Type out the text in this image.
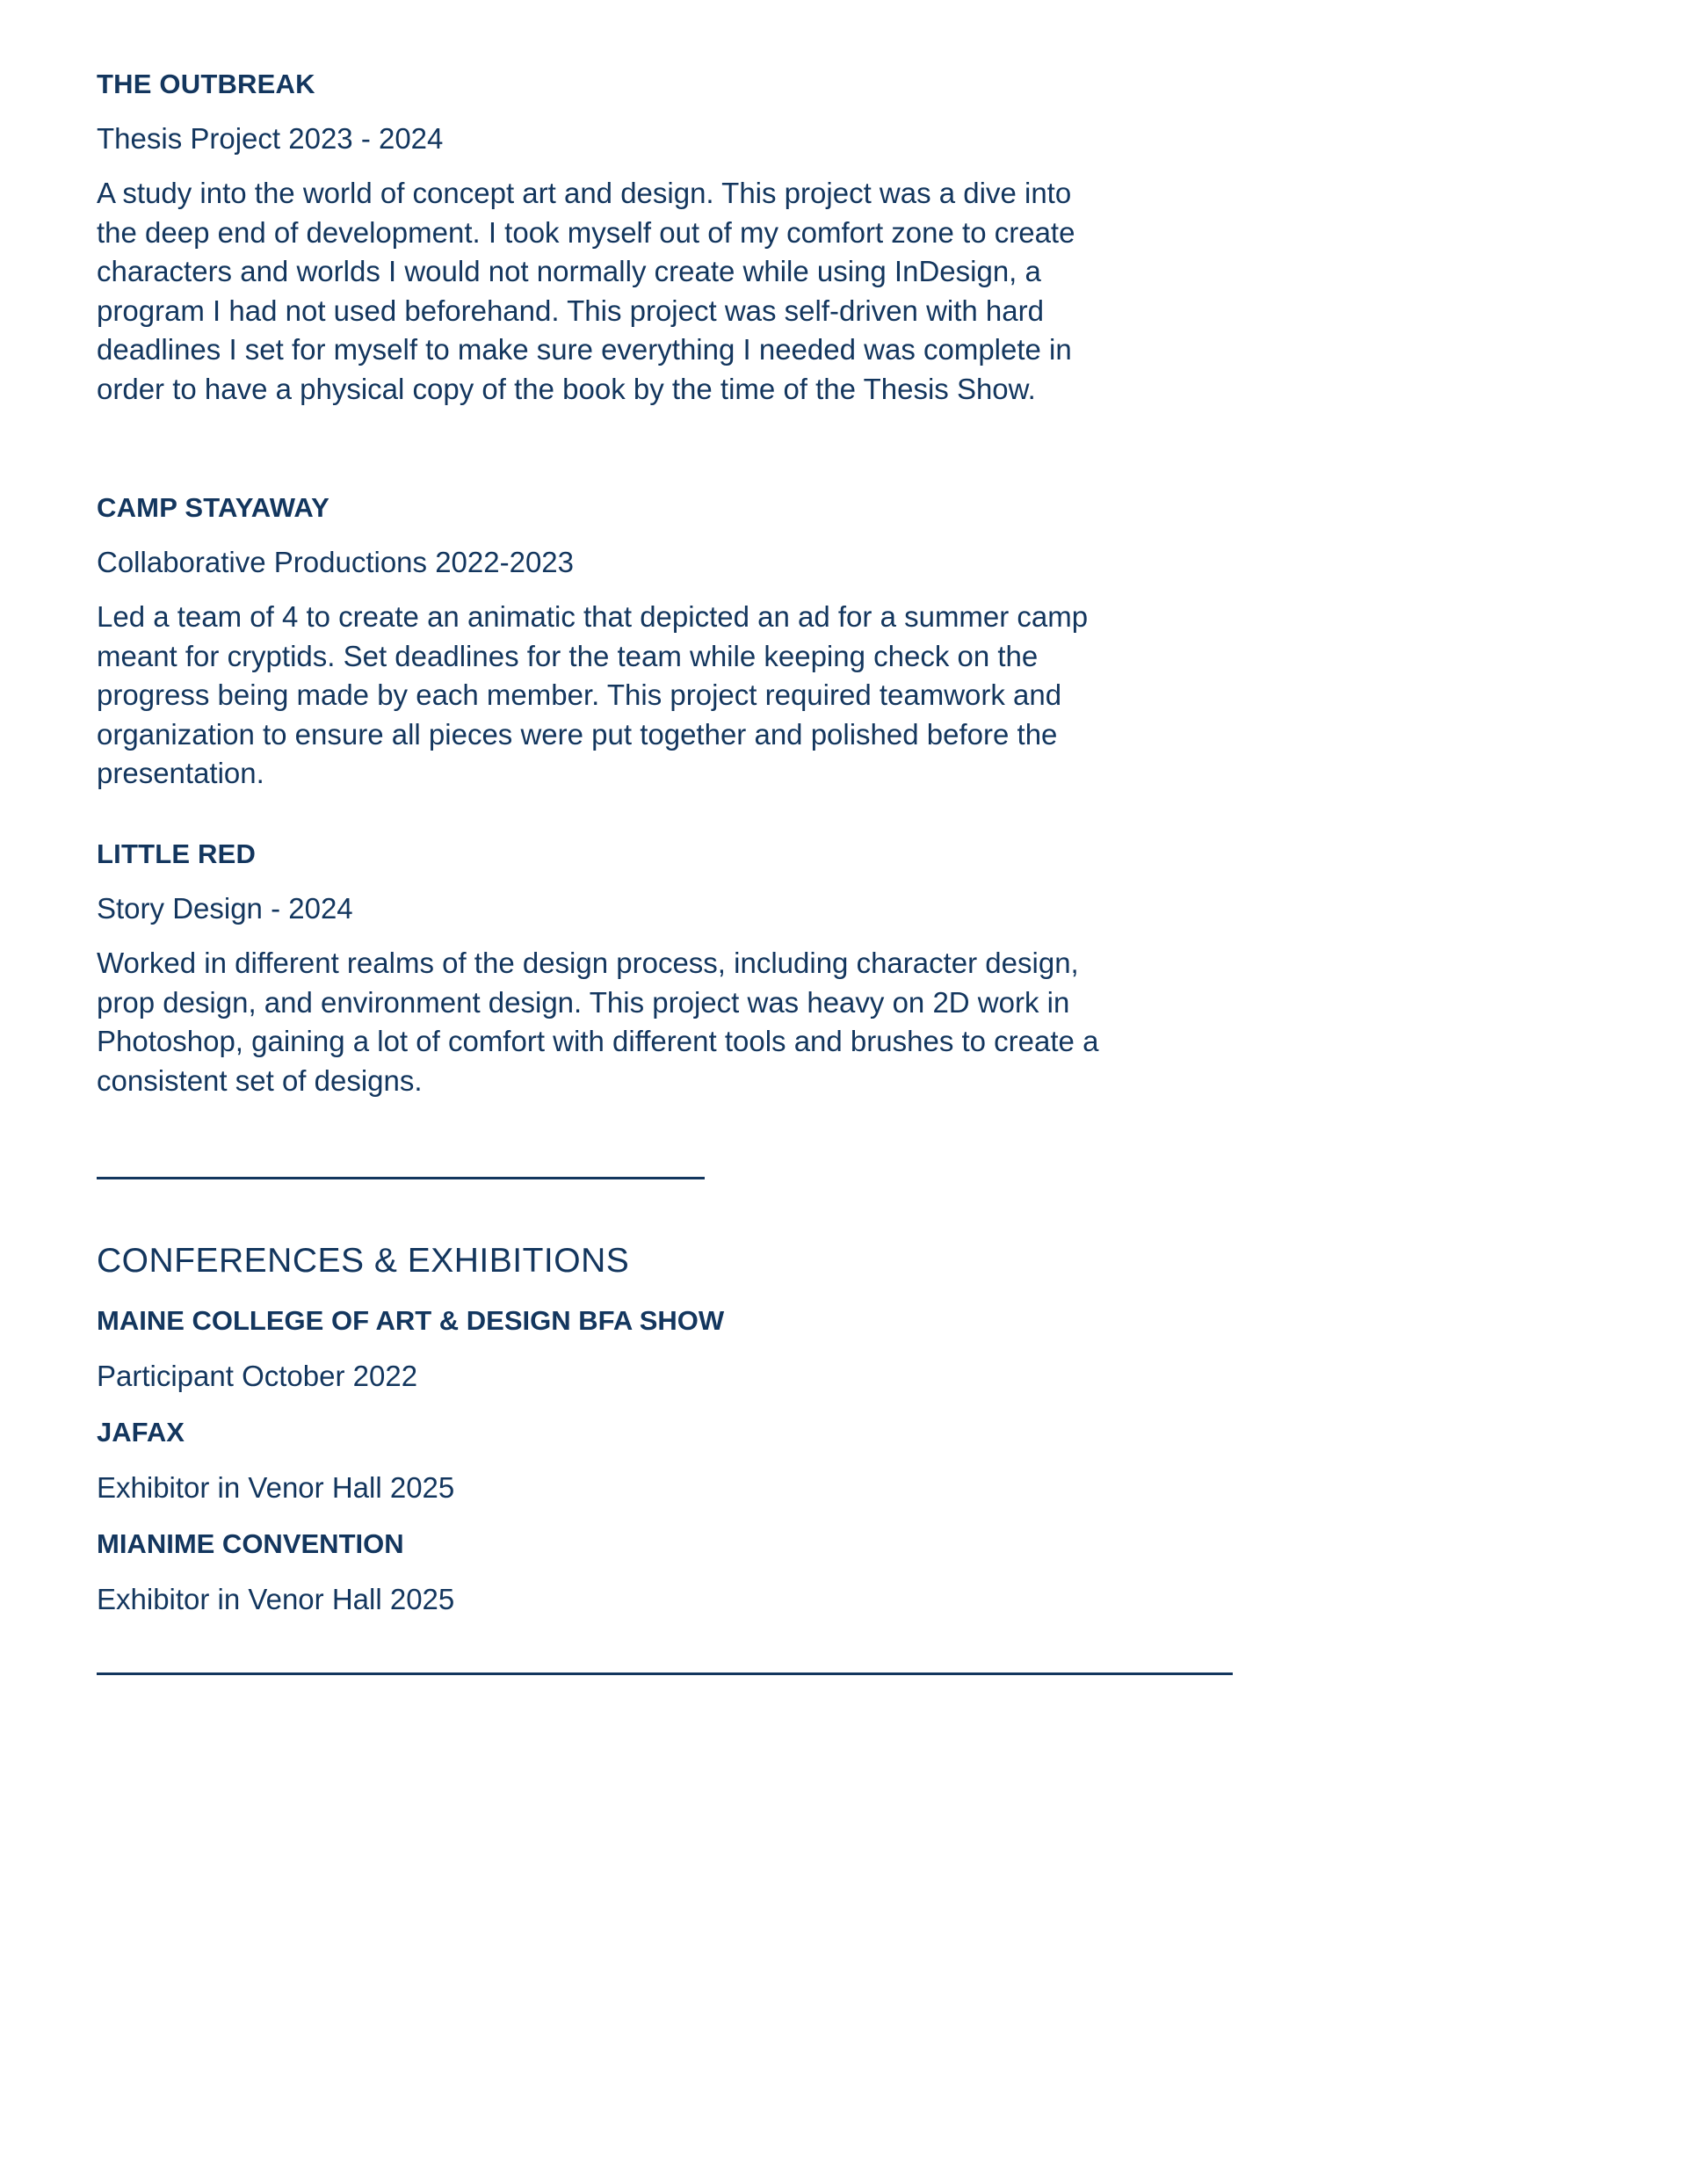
THE OUTBREAK

Thesis Project 2023 - 2024

A study into the world of concept art and design. This project was a dive into the deep end of development. I took myself out of my comfort zone to create characters and worlds I would not normally create while using InDesign, a program I had not used beforehand. This project was self-driven with hard deadlines I set for myself to make sure everything I needed was complete in order to have a physical copy of the book by the time of the Thesis Show.

CAMP STAYAWAY

Collaborative Productions 2022-2023

Led a team of 4 to create an animatic that depicted an ad for a summer camp meant for cryptids. Set deadlines for the team while keeping check on the progress being made by each member. This project required teamwork and organization to ensure all pieces were put together and polished before the presentation.

LITTLE RED

Story Design - 2024

Worked in different realms of the design process, including character design, prop design, and environment design. This project was heavy on 2D work in Photoshop, gaining a lot of comfort with different tools and brushes to create a consistent set of designs.

CONFERENCES & EXHIBITIONS
MAINE COLLEGE OF ART & DESIGN BFA SHOW

Participant October 2022

JAFAX

Exhibitor in Venor Hall 2025

MIANIME CONVENTION

Exhibitor in Venor Hall 2025
